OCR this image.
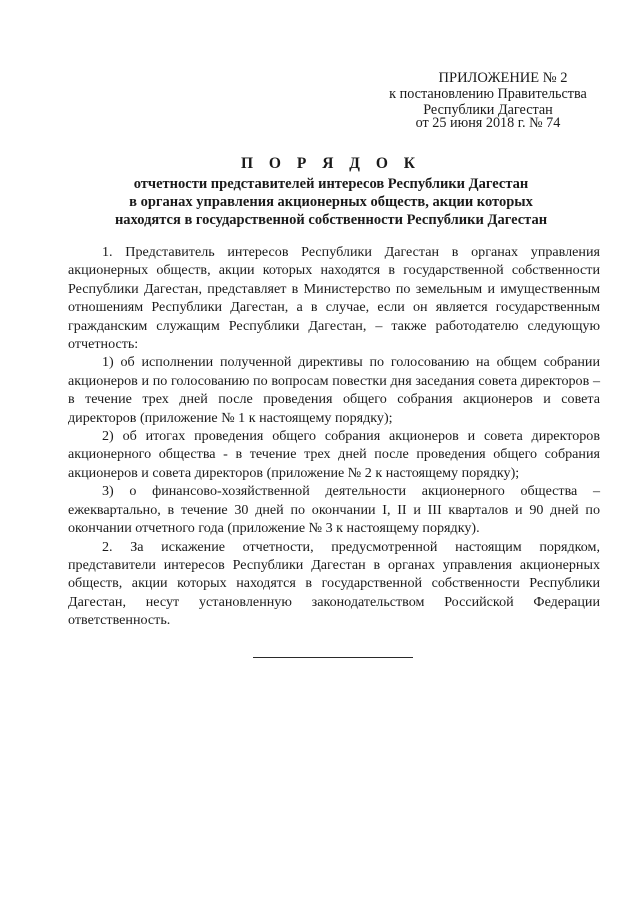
ПРИЛОЖЕНИЕ № 2
к постановлению Правительства
Республики Дагестан
от 25 июня 2018 г. № 74
П О Р Я Д О К
отчетности представителей интересов Республики Дагестан
в органах управления акционерных обществ, акции которых
находятся в государственной собственности Республики Дагестан

1. Представитель интересов Республики Дагестан в органах управления акционерных обществ, акции которых находятся в государственной собственности Республики Дагестан, представляет в Министерство по земельным и имущественным отношениям Республики Дагестан, а в случае, если он является государственным гражданским служащим Республики Дагестан, – также работодателю следующую отчетность:

1) об исполнении полученной директивы по голосованию на общем собрании акционеров и по голосованию по вопросам повестки дня заседания совета директоров – в течение трех дней после проведения общего собрания акционеров и совета директоров (приложение № 1 к настоящему порядку);

2) об итогах проведения общего собрания акционеров и совета директоров акционерного общества - в течение трех дней после проведения общего собрания акционеров и совета директоров (приложение № 2 к настоящему порядку);

3) о финансово-хозяйственной деятельности акционерного общества – ежеквартально, в течение 30 дней по окончании I, II и III кварталов и 90 дней по окончании отчетного года (приложение № 3 к настоящему порядку).

2. За искажение отчетности, предусмотренной настоящим порядком, представители интересов Республики Дагестан в органах управления акционерных обществ, акции которых находятся в государственной собственности Республики Дагестан, несут установленную законодательством Российской Федерации ответственность.
